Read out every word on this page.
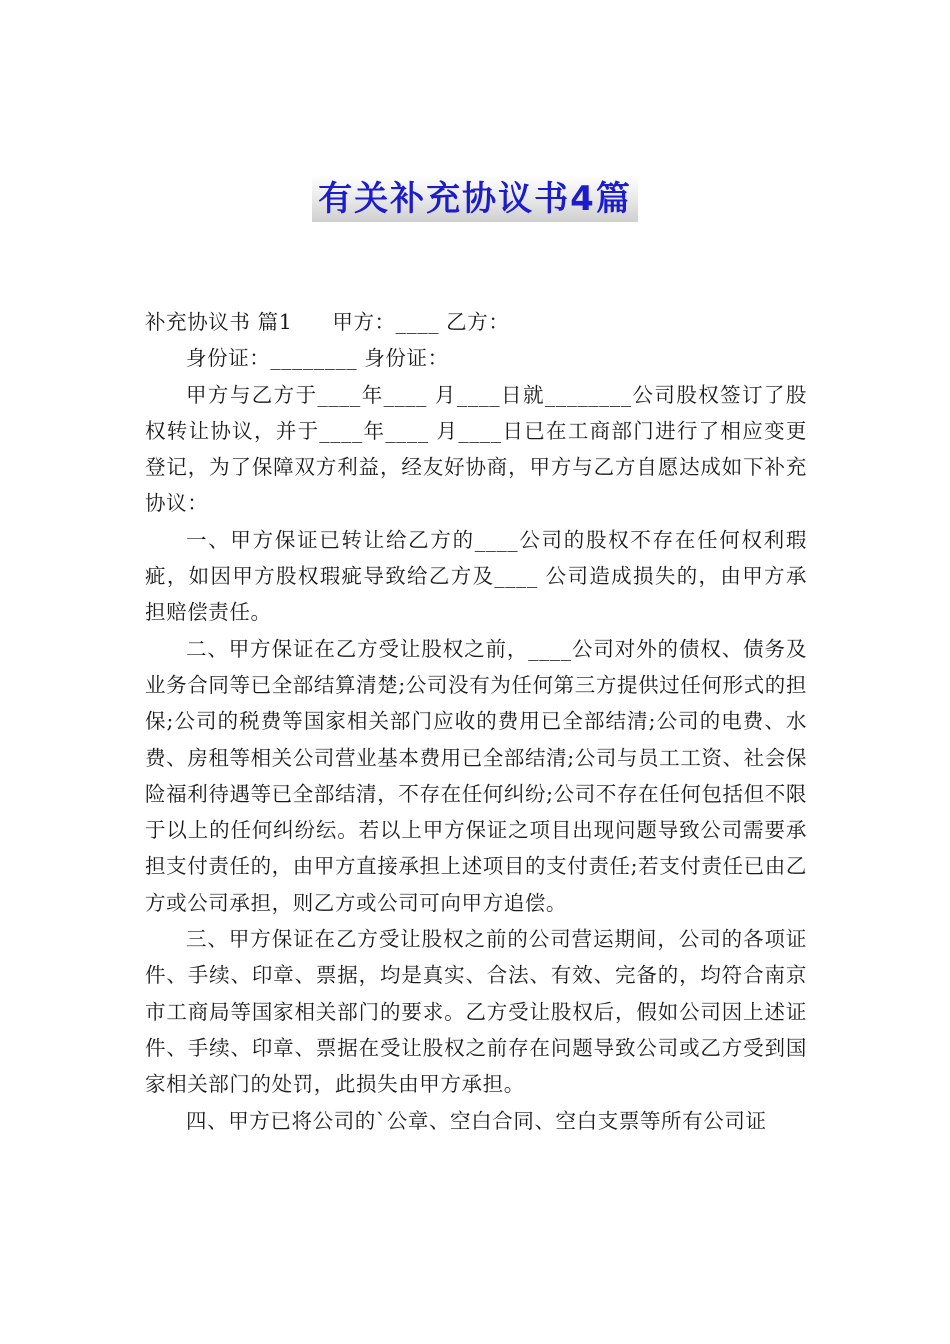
有关补充协议书4篇

补充协议书 篇1 甲方：____ 乙方：

身份证：________ 身份证：

甲方与乙方于____年____ 月____日就________公司股权签订了股权转让协议，并于____年____ 月____日已在工商部门进行了相应变更登记，为了保障双方利益，经友好协商，甲方与乙方自愿达成如下补充协议：

一、甲方保证已转让给乙方的____公司的股权不存在任何权利瑕疵，如因甲方股权瑕疵导致给乙方及____ 公司造成损失的，由甲方承担赔偿责任。

二、甲方保证在乙方受让股权之前，____公司对外的债权、债务及业务合同等已全部结算清楚;公司没有为任何第三方提供过任何形式的担保;公司的税费等国家相关部门应收的费用已全部结清;公司的电费、水费、房租等相关公司营业基本费用已全部结清;公司与员工工资、社会保险福利待遇等已全部结清，不存在任何纠纷;公司不存在任何包括但不限于以上的任何纠纷纭。若以上甲方保证之项目出现问题导致公司需要承担支付责任的，由甲方直接承担上述项目的支付责任;若支付责任已由乙方或公司承担，则乙方或公司可向甲方追偿。

三、甲方保证在乙方受让股权之前的公司营运期间，公司的各项证件、手续、印章、票据，均是真实、合法、有效、完备的，均符合南京市工商局等国家相关部门的要求。乙方受让股权后，假如公司因上述证件、手续、印章、票据在受让股权之前存在问题导致公司或乙方受到国家相关部门的处罚，此损失由甲方承担。

四、甲方已将公司的`公章、空白合同、空白支票等所有公司证
